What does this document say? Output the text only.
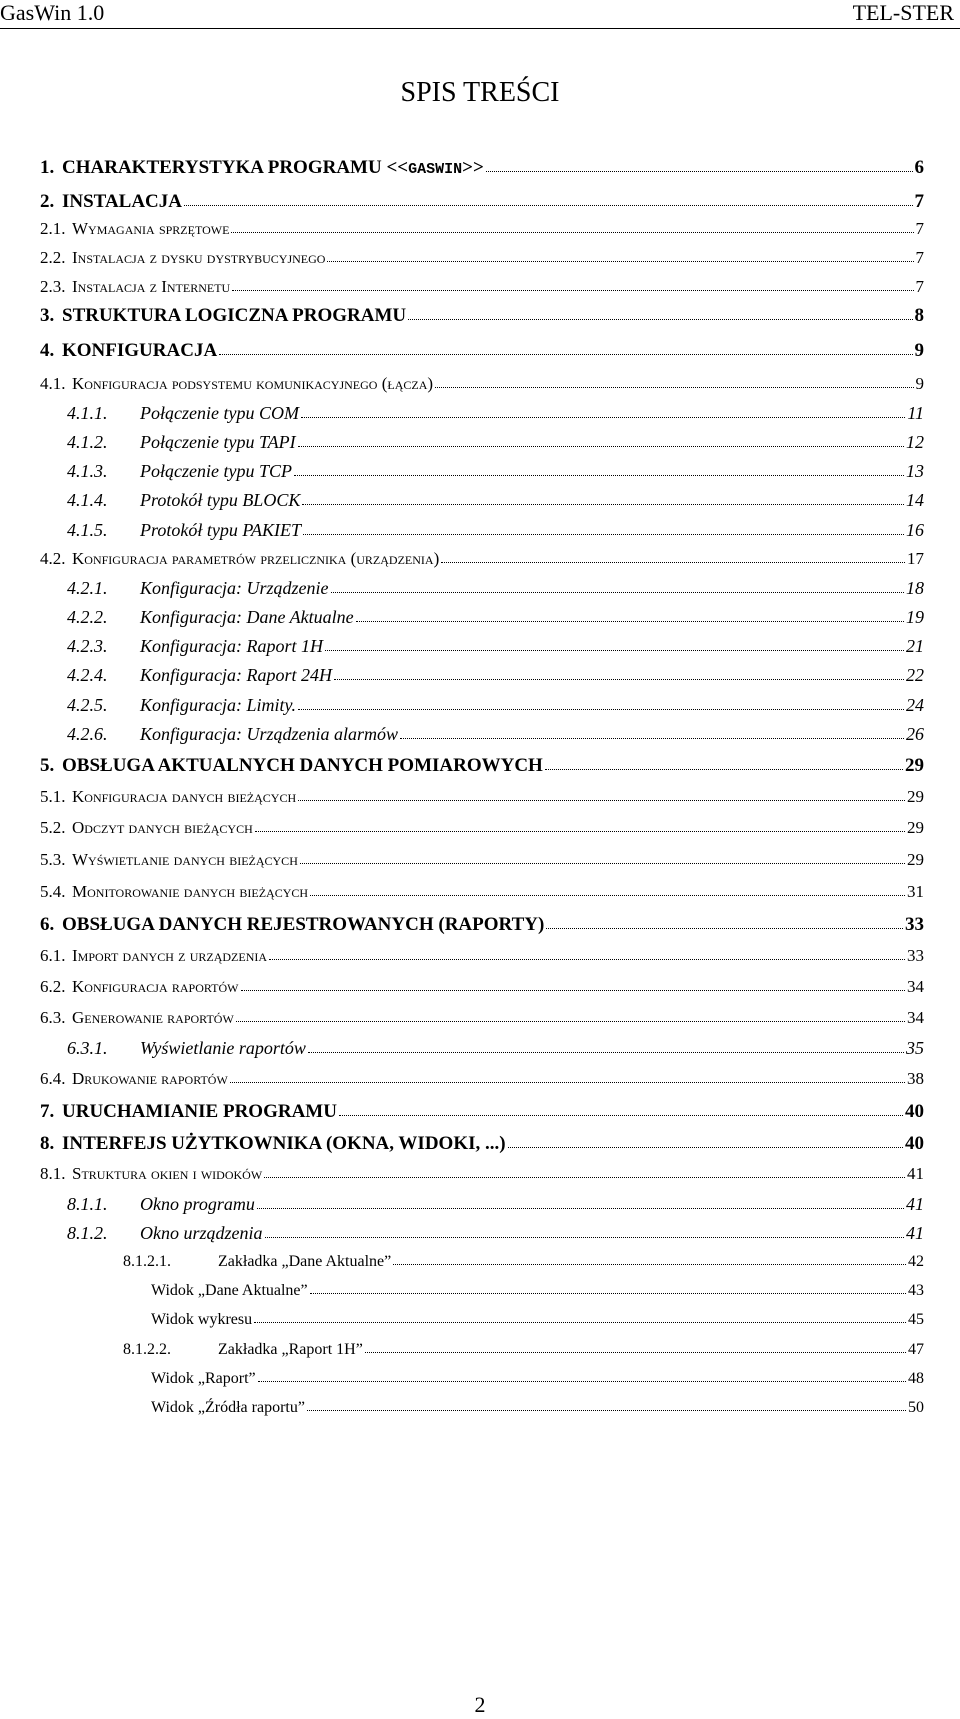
GasWin 1.0	TEL-STER
SPIS TREŚCI
1. CHARAKTERYSTYKA PROGRAMU << GASWIN >>	6
2. INSTALACJA	7
2.1. Wymagania sprzętowe	7
2.2. Instalacja z dysku dystrybucyjnego	7
2.3. Instalacja z Internetu	7
3. STRUKTURA LOGICZNA PROGRAMU	8
4. KONFIGURACJA	9
4.1. Konfiguracja podsystemu komunikacyjnego (łącza)	9
4.1.1.	Połączenie typu COM	11
4.1.2.	Połączenie typu TAPI	12
4.1.3.	Połączenie typu TCP	13
4.1.4.	Protokół typu BLOCK	14
4.1.5.	Protokół typu PAKIET	16
4.2. Konfiguracja parametrów przelicznika (urządzenia)	17
4.2.1.	Konfiguracja: Urządzenie	18
4.2.2.	Konfiguracja: Dane Aktualne	19
4.2.3.	Konfiguracja: Raport 1H	21
4.2.4.	Konfiguracja: Raport 24H	22
4.2.5.	Konfiguracja: Limity.	24
4.2.6.	Konfiguracja: Urządzenia alarmów	26
5. OBSŁUGA AKTUALNYCH DANYCH POMIAROWYCH	29
5.1. Konfiguracja danych bieżących	29
5.2. Odczyt danych bieżących	29
5.3. Wyświetlanie danych bieżących	29
5.4. Monitorowanie danych bieżących	31
6. OBSŁUGA DANYCH REJESTROWANYCH (RAPORTY)	33
6.1. Import danych z urządzenia	33
6.2. Konfiguracja raportów	34
6.3. Generowanie raportów	34
6.3.1.	Wyświetlanie raportów	35
6.4. Drukowanie raportów	38
7. URUCHAMIANIE PROGRAMU	40
8. INTERFEJS UŻYTKOWNIKA (OKNA, WIDOKI, ...)	40
8.1. Struktura okien i widoków	41
8.1.1.	Okno programu	41
8.1.2.	Okno urządzenia	41
8.1.2.1.	Zakładka „Dane Aktualne”	42
Widok „Dane Aktualne”	43
Widok wykresu	45
8.1.2.2.	Zakładka „Raport 1H”	47
Widok „Raport”	48
Widok „Źródła raportu”	50
2
